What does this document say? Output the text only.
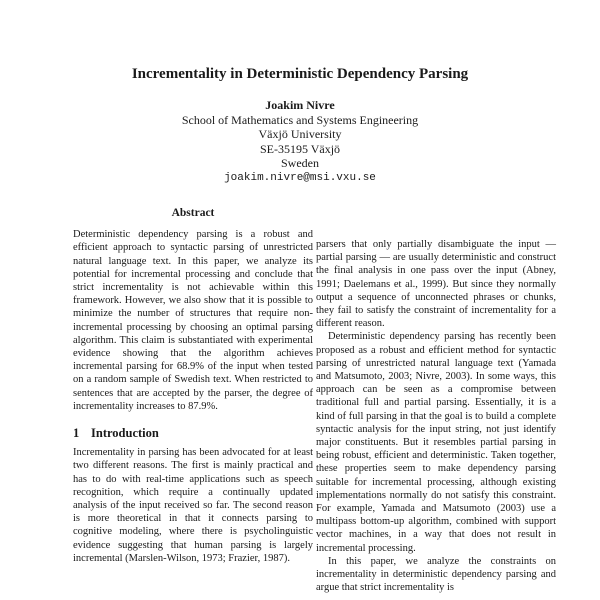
Incrementality in Deterministic Dependency Parsing
Joakim Nivre
School of Mathematics and Systems Engineering
Växjö University
SE-35195 Växjö
Sweden
joakim.nivre@msi.vxu.se
Abstract

Deterministic dependency parsing is a robust and efficient approach to syntactic parsing of unrestricted natural language text. In this paper, we analyze its potential for incremental processing and conclude that strict incrementality is not achievable within this framework. However, we also show that it is possible to minimize the number of structures that require non-incremental processing by choosing an optimal parsing algorithm. This claim is substantiated with experimental evidence showing that the algorithm achieves incremental parsing for 68.9% of the input when tested on a random sample of Swedish text. When restricted to sentences that are accepted by the parser, the degree of incrementality increases to 87.9%.

1 Introduction

Incrementality in parsing has been advocated for at least two different reasons. The first is mainly practical and has to do with real-time applications such as speech recognition, which require a continually updated analysis of the input received so far. The second reason is more theoretical in that it connects parsing to cognitive modeling, where there is psycholinguistic evidence suggesting that human parsing is largely incremental (Marslen-Wilson, 1973; Frazier, 1987).

parsers that only partially disambiguate the input — partial parsing — are usually deterministic and construct the final analysis in one pass over the input (Abney, 1991; Daelemans et al., 1999). But since they normally output a sequence of unconnected phrases or chunks, they fail to satisfy the constraint of incrementality for a different reason.

Deterministic dependency parsing has recently been proposed as a robust and efficient method for syntactic parsing of unrestricted natural language text (Yamada and Matsumoto, 2003; Nivre, 2003). In some ways, this approach can be seen as a compromise between traditional full and partial parsing. Essentially, it is a kind of full parsing in that the goal is to build a complete syntactic analysis for the input string, not just identify major constituents. But it resembles partial parsing in being robust, efficient and deterministic. Taken together, these properties seem to make dependency parsing suitable for incremental processing, although existing implementations normally do not satisfy this constraint. For example, Yamada and Matsumoto (2003) use a multipass bottom-up algorithm, combined with support vector machines, in a way that does not result in incremental processing.

In this paper, we analyze the constraints on incrementality in deterministic dependency parsing and argue that strict incrementality is
